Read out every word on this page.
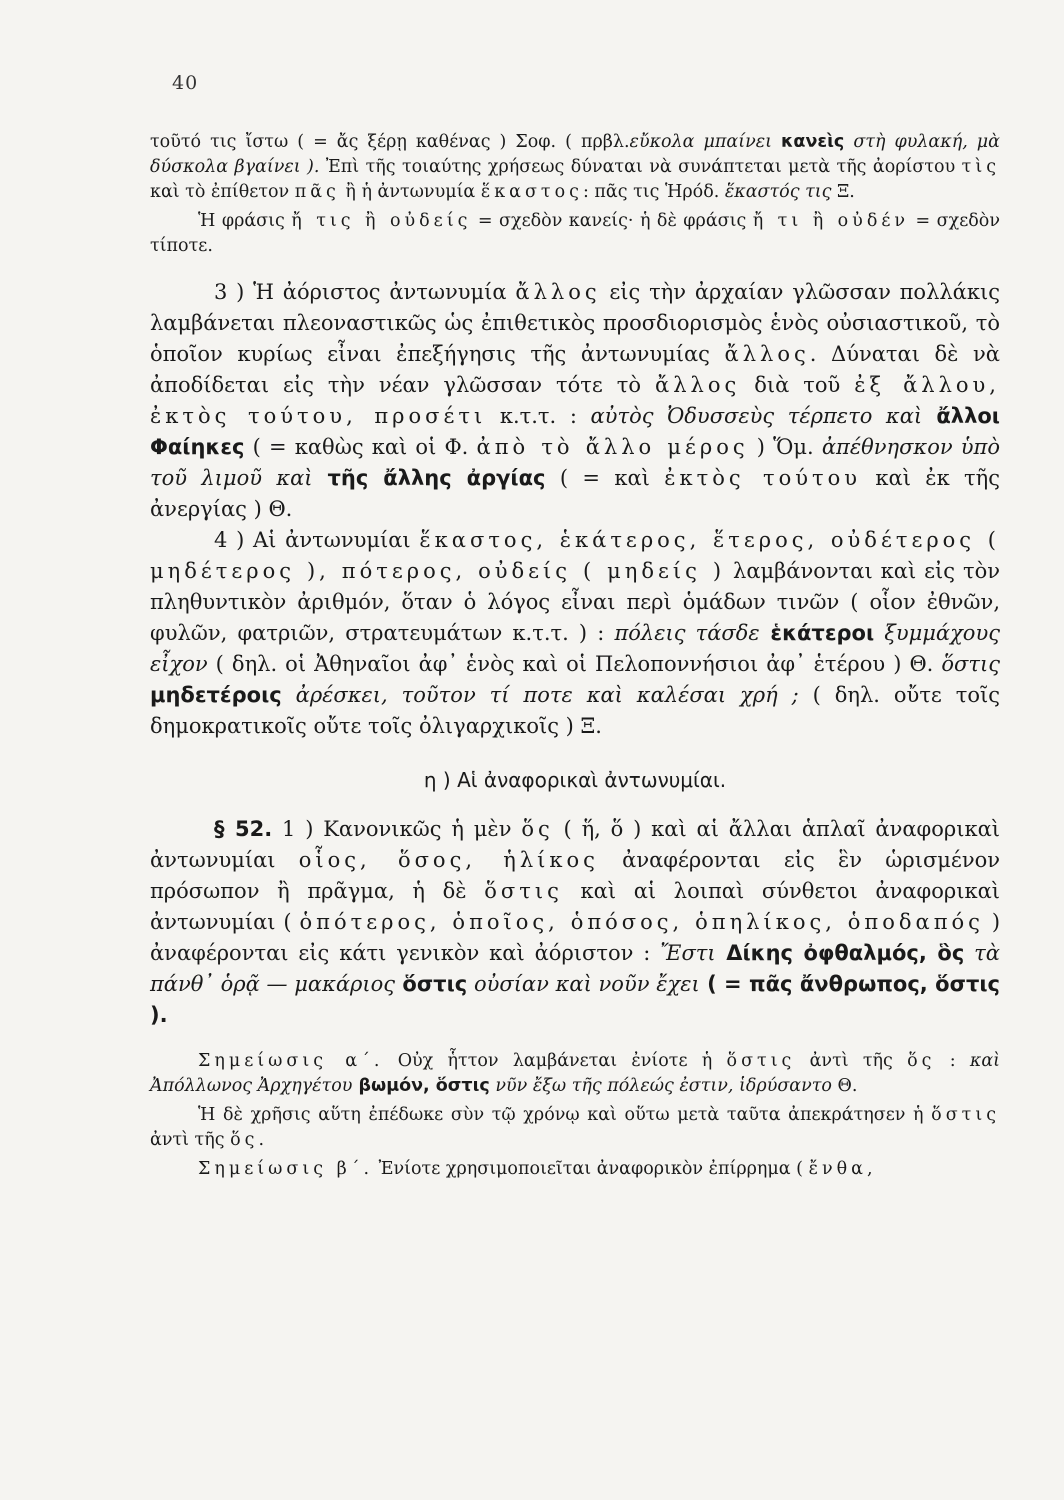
40

τοῦτό τις ἴστω ( = ἄς ξέρῃ καθένας ) Σοφ. ( πρβλ.εὔκολα μπαίνει κανεὶς στὴ φυλακή, μὰ δύσκολα βγαίνει ). Ἐπὶ τῆς τοιαύτης χρήσεως δύναται νὰ συνάπτεται μετὰ τῆς ἀορίστου τὶς καὶ τὸ ἐπίθετον πᾶς ἢ ἡ ἀντωνυμία ἕκαστος: πᾶς τις Ἡρόδ. ἕκαστός τις Ξ.

Ἡ φράσις ἤ τις ἢ οὐδείς = σχεδὸν κανείς· ἡ δὲ φράσις ἤ τι ἢ οὐδέν = σχεδὸν τίποτε.

3 ) Ἡ ἀόριστος ἀντωνυμία ἄλλος εἰς τὴν ἀρχαίαν γλῶσσαν πολλάκις λαμβάνεται πλεοναστικῶς ὡς ἐπιθετικὸς προσδιορισμὸς ἑνὸς οὐσιαστικοῦ, τὸ ὁποῖον κυρίως εἶναι ἐπεξήγησις τῆς ἀντωνυμίας ἄλλος. Δύναται δὲ νὰ ἀποδίδεται εἰς τὴν νέαν γλῶσσαν τότε τὸ ἄλλος διὰ τοῦ ἐξ ἄλλου, ἐκτὸς τούτου, προσέτι κ.τ.τ. : αὐτὸς Ὀδυσσεὺς τέρπετο καὶ ἄλλοι Φαίηκες ( = καθὼς καὶ οἱ Φ. ἀπὸ τὸ ἄλλο μέρος ) Ὅμ. ἀπέθνησκον ὑπὸ τοῦ λιμοῦ καὶ τῆς ἄλλης ἀργίας ( = καὶ ἐκτὸς τούτου καὶ ἐκ τῆς ἀνεργίας ) Θ.

4 ) Αἱ ἀντωνυμίαι ἕκαστος, ἑκάτερος, ἕτερος, οὐδέτερος ( μηδέτερος ), πότερος, οὐδείς ( μηδείς ) λαμβάνονται καὶ εἰς τὸν πληθυντικὸν ἀριθμόν, ὅταν ὁ λόγος εἶναι περὶ ὁμάδων τινῶν ( οἷον ἐθνῶν, φυλῶν, φατριῶν, στρατευμάτων κ.τ.τ. ) : πόλεις τάσδε ἑκάτεροι ξυμμάχους εἶχον ( δηλ. οἱ Ἀθηναῖοι ἀφ᾽ ἑνὸς καὶ οἱ Πελοποννήσιοι ἀφ᾽ ἑτέρου ) Θ. ὅστις μηδετέροις ἀρέσκει, τοῦτον τί ποτε καὶ καλέσαι χρή ; ( δηλ. οὔτε τοῖς δημοκρατικοῖς οὔτε τοῖς ὀλιγαρχικοῖς ) Ξ.

η ) Αἱ ἀναφορικαὶ ἀντωνυμίαι.

§ 52. 1 ) Κανονικῶς ἡ μὲν ὅς ( ἥ, ὅ ) καὶ αἱ ἄλλαι ἁπλαῖ ἀναφορικαὶ ἀντωνυμίαι οἷος, ὅσος, ἡλίκος ἀναφέρονται εἰς ἓν ὡρισμένον πρόσωπον ἢ πρᾶγμα, ἡ δὲ ὅστις καὶ αἱ λοιπαὶ σύνθετοι ἀναφορικαὶ ἀντωνυμίαι ( ὁπότερος, ὁποῖος, ὁπόσος, ὁπηλίκος, ὁποδαπός ) ἀναφέρονται εἰς κάτι γενικὸν καὶ ἀόριστον : Ἔστι Δίκης ὀφθαλμός, ὃς τὰ πάνθ᾽ ὁρᾷ — μακάριος ὅστις οὐσίαν καὶ νοῦν ἔχει ( = πᾶς ἄνθρωπος, ὅστις ).

Σημείωσις α΄. Οὐχ ἧττον λαμβάνεται ἐνίοτε ἡ ὅστις ἀντὶ τῆς ὅς : καὶ Ἀπόλλωνος Ἀρχηγέτου βωμόν, ὅστις νῦν ἔξω τῆς πόλεώς ἐστιν, ἱδρύσαντο Θ.

Ἡ δὲ χρῆσις αὕτη ἐπέδωκε σὺν τῷ χρόνῳ καὶ οὕτω μετὰ ταῦτα ἀπεκράτησεν ἡ ὅστις ἀντὶ τῆς ὅς.

Σημείωσις β΄. Ἐνίοτε χρησιμοποιεῖται ἀναφορικὸν ἐπίρρημα ( ἔνθα,
